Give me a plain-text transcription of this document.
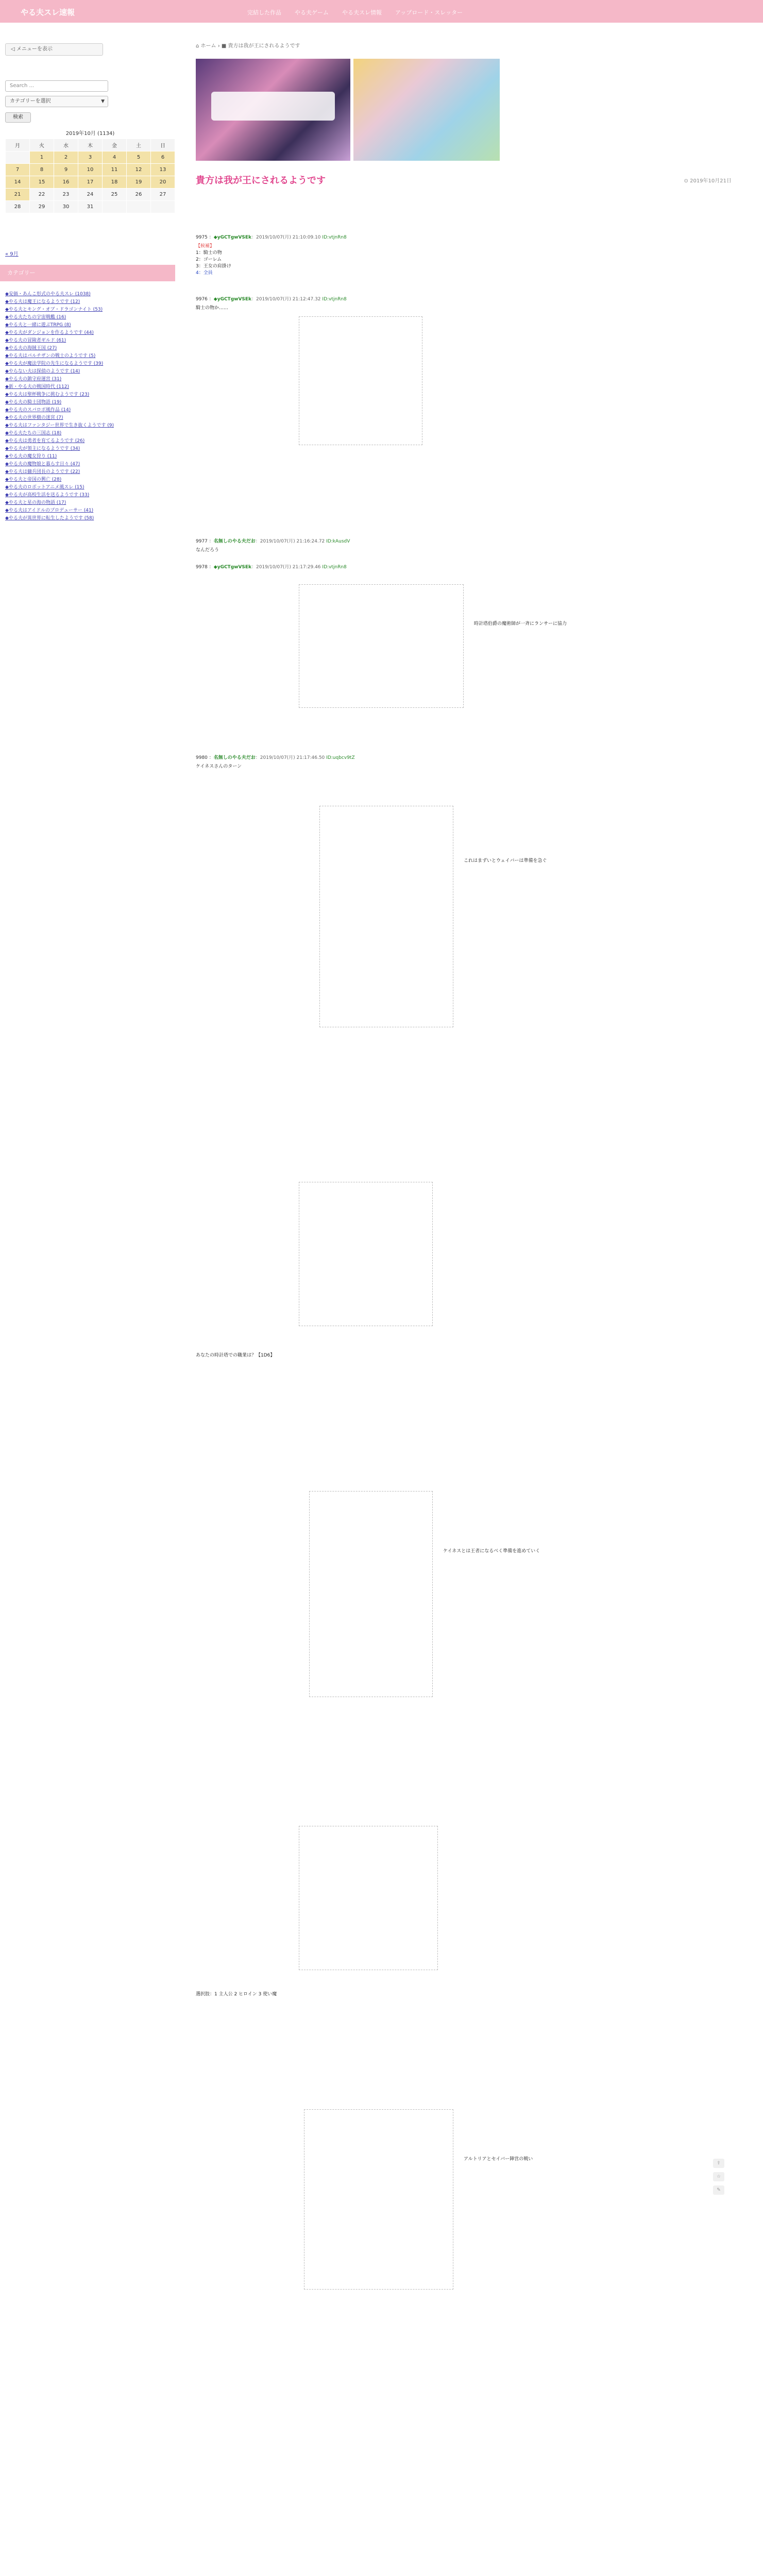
やる夫スレ速報	完結した作品 やる夫ゲーム やる夫スレ情報 アップロード・スレッター
◁ メニューを表示
Search ...
カテゴリーを選択	▼
検索
2019年10月 (1134)
月	火	水	木	金	土	日
	1	2	3	4	5	6
7	8	9	10	11	12	13
14	15	16	17	18	19	20
21	22	23	24	25	26	27
28	29	30	31			
« 9月
カテゴリー
◆安価・あんこ形式のやる夫スレ (1038)
◆やる夫は魔王になるようです (12)
◆やる夫とキング・オブ・ドラゴンナイト (53)
◆やる夫たちの宇宙戦艦 (16)
◆やる夫と一緒に遊ぶTRPG (8)
◆やる夫がダンジョンを作るようです (44)
◆やる夫の冒険者ギルド (61)
◆やる夫の海賊王国 (27)
◆やる夫はパルチザンの戦士のようです (5)
◆やる夫が魔法学院の先生になるようです (39)
◆やらない夫は探偵のようです (14)
◆やる夫の鎮守府運営 (31)
◆新・やる夫の戦国時代 (112)
◆やる夫は聖杯戦争に挑むようです (23)
◆やる夫の騎士団物語 (19)
◆やる夫のスパロボ風作品 (14)
◆やる夫の世界樹の迷宮 (7)
◆やる夫はファンタジー世界で生き抜くようです (9)
◆やる夫たちの三国志 (18)
◆やる夫は勇者を育てるようです (26)
◆やる夫が領主になるようです (34)
◆やる夫の魔女狩り (11)
◆やる夫の魔物娘と暮らす日々 (47)
◆やる夫は傭兵団長のようです (22)
◆やる夫と帝国の興亡 (28)
◆やる夫のロボットアニメ風スレ (15)
◆やる夫が高校生活を送るようです (33)
◆やる夫と星の海の物語 (17)
◆やる夫はアイドルのプロデューサー (41)
◆やる夫が異世界に転生したようです (58)
⌂ ホーム › ■ 貴方は我が王にされるようです
貴方は我が王にされるようです	⊙ 2019年10月21日
9975 ：◆yGCTgwVSEk：2019/10/07(月) 21:10:09.10 ID:vtjnRn8
【候補】
1：騎士の物
2：ゴーレム
3：王女の肩掛け
4：全員
9976 ：◆yGCTgwVSEk：2019/10/07(月) 21:12:47.32 ID:vtjnRn8
騎士の物か……
9977 ：名無しのやる夫だお：2019/10/07(月) 21:16:24.72 ID:kAusdV
なんだろう
9978 ：◆yGCTgwVSEk：2019/10/07(月) 21:17:29.46 ID:vtjnRn8
時計塔伯爵の魔術師が一斉にランサーに協力
9980 ：名無しのやる夫だお：2019/10/07(月) 21:17:46.50 ID:uqbcv9tZ
ケイネスさんのターン
これはまずいとウェイバーは準備を急ぐ
あなたの時計塔での職業は？【1D6】
ケイネスとは王者になるべく準備を進めていく
選択肢：1 主人公 2 ヒロイン 3 使い魔
アルトリアとセイバー陣営の戦い
⇧
☆
✎
